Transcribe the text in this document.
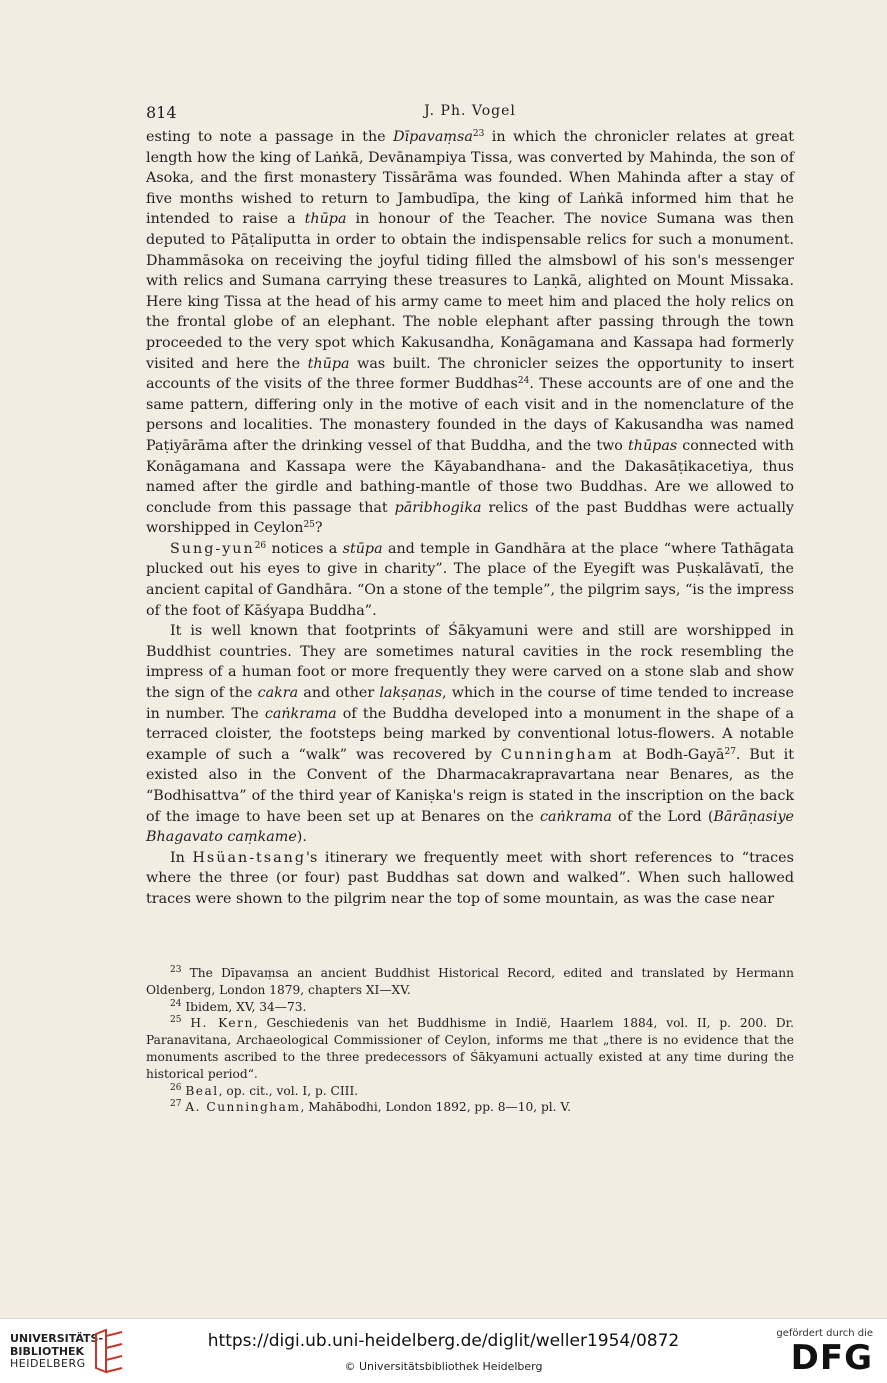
814	J. Ph. Vogel

esting to note a passage in the Dīpavaṃsa$^{23}$ in which the chronicler relates at great length how the king of Laṅkā, Devānampiya Tissa, was converted by Mahinda, the son of Asoka, and the first monastery Tissārāma was founded. When Mahinda after a stay of five months wished to return to Jambudīpa, the king of Laṅkā informed him that he intended to raise a thūpa in honour of the Teacher. The novice Sumana was then deputed to Pāṭaliputta in order to obtain the indispensable relics for such a monument. Dhammāsoka on receiving the joyful tiding filled the almsbowl of his son's messenger with relics and Sumana carrying these treasures to Laṇkā, alighted on Mount Missaka. Here king Tissa at the head of his army came to meet him and placed the holy relics on the frontal globe of an elephant. The noble elephant after passing through the town proceeded to the very spot which Kakusandha, Konāgamana and Kassapa had formerly visited and here the thūpa was built. The chronicler seizes the opportunity to insert accounts of the visits of the three former Buddhas$^{24}$. These accounts are of one and the same pattern, differing only in the motive of each visit and in the nomenclature of the persons and localities. The monastery founded in the days of Kakusandha was named Paṭiyārāma after the drinking vessel of that Buddha, and the two thūpas connected with Konāgamana and Kassapa were the Kāyabandhana- and the Dakasāṭikacetiya, thus named after the girdle and bathing-mantle of those two Buddhas. Are we allowed to conclude from this passage that pāribhogika relics of the past Buddhas were actually worshipped in Ceylon$^{25}$?

Sung-yun$^{26}$ notices a stūpa and temple in Gandhāra at the place “where Tathāgata plucked out his eyes to give in charity”. The place of the Eyegift was Puṣkalāvatī, the ancient capital of Gandhāra. “On a stone of the temple”, the pilgrim says, “is the impress of the foot of Kāśyapa Buddha”.

It is well known that footprints of Śākyamuni were and still are worshipped in Buddhist countries. They are sometimes natural cavities in the rock resembling the impress of a human foot or more frequently they were carved on a stone slab and show the sign of the cakra and other lakṣaṇas, which in the course of time tended to increase in number. The caṅkrama of the Buddha developed into a monument in the shape of a terraced cloister, the footsteps being marked by conventional lotus-flowers. A notable example of such a “walk” was recovered by Cunningham at Bodh-Gayā$^{27}$. But it existed also in the Convent of the Dharmacakrapravartana near Benares, as the “Bodhisattva” of the third year of Kaniṣka's reign is stated in the inscription on the back of the image to have been set up at Benares on the caṅkrama of the Lord (Bārāṇasiye Bhagavato caṃkame).

In Hsüan-tsang's itinerary we frequently meet with short references to “traces where the three (or four) past Buddhas sat down and walked”. When such hallowed traces were shown to the pilgrim near the top of some mountain, as was the case near

$^{23}$ The Dīpavaṃsa an ancient Buddhist Historical Record, edited and translated by Hermann Oldenberg, London 1879, chapters XI—XV.

$^{24}$ Ibidem, XV, 34—73.

$^{25}$ H. Kern, Geschiedenis van het Buddhisme in Indië, Haarlem 1884, vol. II, p. 200. Dr. Paranavitana, Archaeological Commissioner of Ceylon, informs me that „there is no evidence that the monuments ascribed to the three predecessors of Śākyamuni actually existed at any time during the historical period“.

$^{26}$ Beal, op. cit., vol. I, p. CIII.

$^{27}$ A. Cunningham, Mahābodhi, London 1892, pp. 8—10, pl. V.

UNIVERSITÄTS-
BIBLIOTHEK
HEIDELBERG
https://digi.ub.uni-heidelberg.de/diglit/weller1954/0872
© Universitätsbibliothek Heidelberg
gefördert durch die
DFG
